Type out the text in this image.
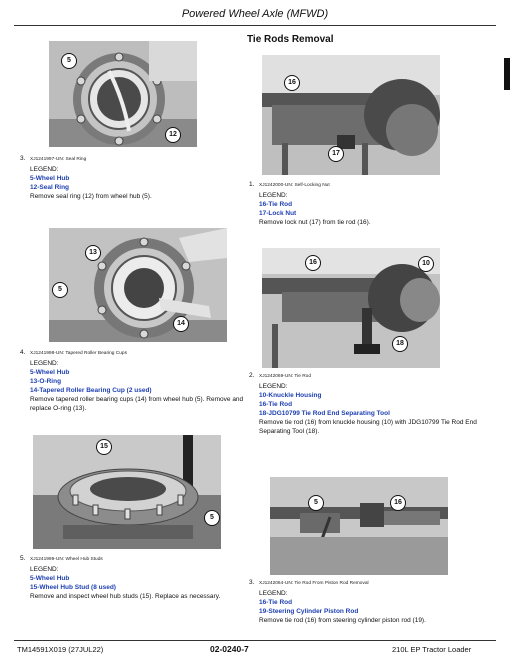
Powered Wheel Axle (MFWD)
Tie Rods Removal
5
12
3. XJ1241997-UN: Seal Ring
LEGEND:
5-Wheel Hub
12-Seal Ring
Remove seal ring (12) from wheel hub (5).
13
5
14
4. XJ1241998-UN: Tapered Roller Bearing Cups
LEGEND:
5-Wheel Hub
13-O-Ring
14-Tapered Roller Bearing Cup (2 used)
Remove tapered roller bearing cups (14) from wheel hub (5). Remove and replace O-ring (13).
15
5
5. XJ1241999-UN: Wheel Hub Studs
LEGEND:
5-Wheel Hub
15-Wheel Hub Stud (8 used)
Remove and inspect wheel hub studs (15). Replace as necessary.
16
17
1. XJ1242000-UN: Self-Locking Nut
LEGEND:
16-Tie Rod
17-Lock Nut
Remove lock nut (17) from tie rod (16).
16	10
18
2. XJ1242069-UN: Tie Rod
LEGEND:
10-Knuckle Housing
16-Tie Rod
18-JDG10799 Tie Rod End Separating Tool
Remove tie rod (16) from knuckle housing (10) with JDG10799 Tie Rod End Separating Tool (18).
5	16
3. XJ1242064-UN: Tie Rod From Piston Rod Removal
LEGEND:
16-Tie Rod
19-Steering Cylinder Piston Rod
Remove tie rod (16) from steering cylinder piston rod (19).
TM14591X019 (27JUL22)	02-0240-7	210L EP Tractor Loader
